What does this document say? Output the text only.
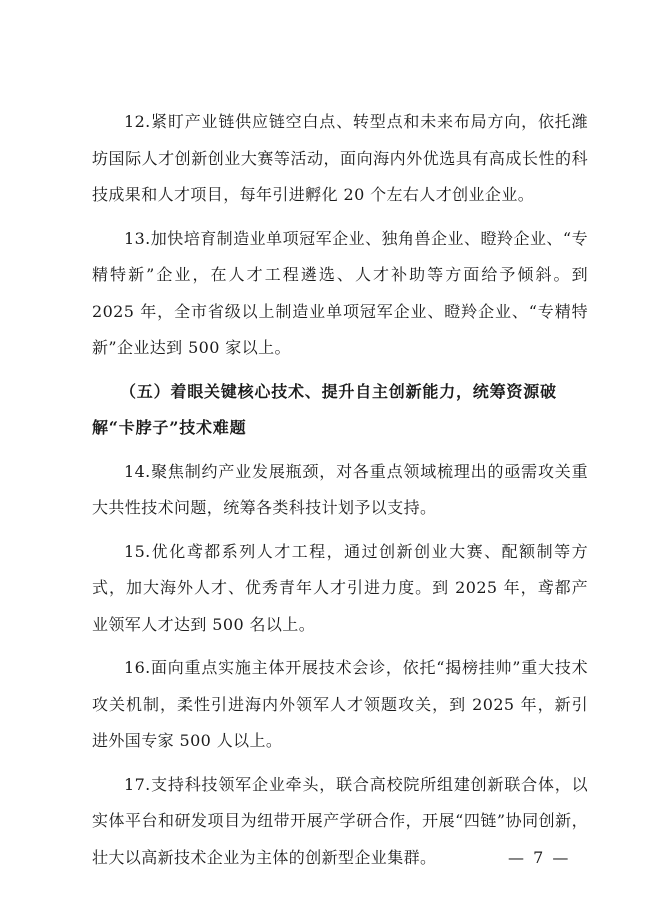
12.紧盯产业链供应链空白点、转型点和未来布局方向，依托潍坊国际人才创新创业大赛等活动，面向海内外优选具有高成长性的科技成果和人才项目，每年引进孵化 20 个左右人才创业企业。

13.加快培育制造业单项冠军企业、独角兽企业、瞪羚企业、“专精特新”企业，在人才工程遴选、人才补助等方面给予倾斜。到 2025 年，全市省级以上制造业单项冠军企业、瞪羚企业、“专精特新”企业达到 500 家以上。

（五）着眼关键核心技术、提升自主创新能力，统筹资源破解“卡脖子”技术难题

14.聚焦制约产业发展瓶颈，对各重点领域梳理出的亟需攻关重大共性技术问题，统筹各类科技计划予以支持。

15.优化鸢都系列人才工程，通过创新创业大赛、配额制等方式，加大海外人才、优秀青年人才引进力度。到 2025 年，鸢都产业领军人才达到 500 名以上。

16.面向重点实施主体开展技术会诊，依托“揭榜挂帅”重大技术攻关机制，柔性引进海内外领军人才领题攻关，到 2025 年，新引进外国专家 500 人以上。

17.支持科技领军企业牵头，联合高校院所组建创新联合体，以实体平台和研发项目为纽带开展产学研合作，开展“四链”协同创新，壮大以高新技术企业为主体的创新型企业集群。	— 7 —
